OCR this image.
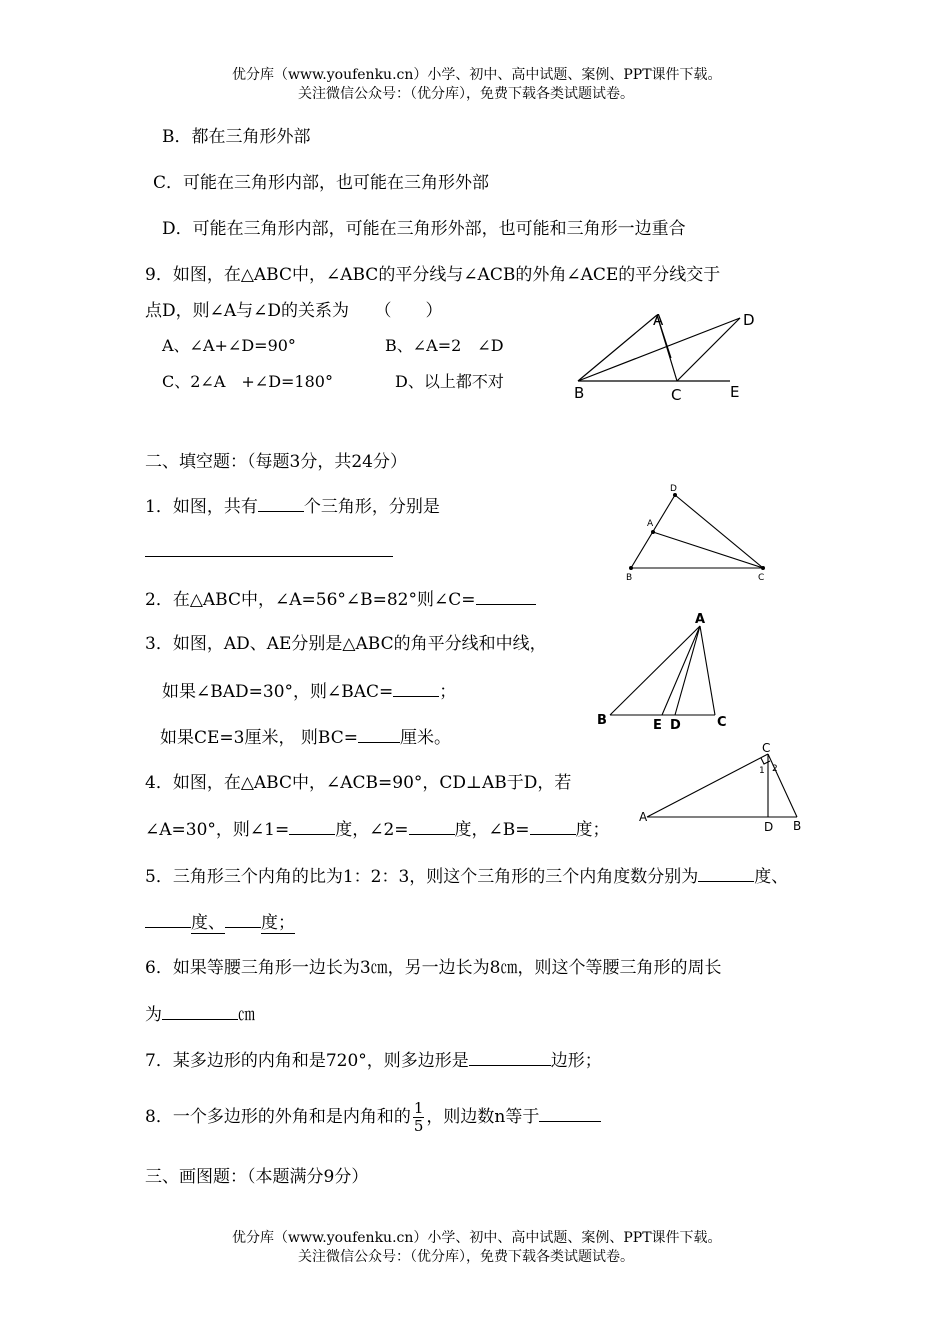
优分库（www.youfenku.cn）小学、初中、高中试题、案例、PPT课件下载。
关注微信公众号：（优分库），免费下载各类试题试卷。
B．都在三角形外部
C．可能在三角形内部，也可能在三角形外部
D．可能在三角形内部，可能在三角形外部，也可能和三角形一边重合
9．如图，在△ABC中，∠ABC的平分线与∠ACB的外角∠ACE的平分线交于
点D，则∠A与∠D的关系为　　（　　）
A、∠A+∠D=90°	B、∠A=2　∠D
C、2∠A　+∠D=180°	D、以上都不对
A	D
B	C	E
二、填空题：（每题3分，共24分）
1．如图，共有	个三角形，分别是
D
A
B	C
2．在△ABC中，∠A=56°∠B=82°则∠C=
3．如图，AD、AE分别是△ABC的角平分线和中线，
如果∠BAD=30°，则∠BAC=	；
如果CE=3厘米， 则BC= 厘米。
A
B	E D	C
4．如图，在△ABC中，∠ACB=90°，CD⊥AB于D，若
∠A=30°，则∠1=	度，∠2=	度，∠B=	度；
C
A
D B
1 2
5．三角形三个内角的比为1：2：3，则这个三角形的三个内角度数分别为	度、
度、 度；
6．如果等腰三角形一边长为3㎝，另一边长为8㎝，则这个等腰三角形的周长
为	㎝
7．某多边形的内角和是720°，则多边形是	边形；
8．一个多边形的外角和是内角和的 $\frac{1}{5}$ ，则边数n等于
三、画图题：（本题满分9分）
优分库（www.youfenku.cn）小学、初中、高中试题、案例、PPT课件下载。
关注微信公众号：（优分库），免费下载各类试题试卷。
